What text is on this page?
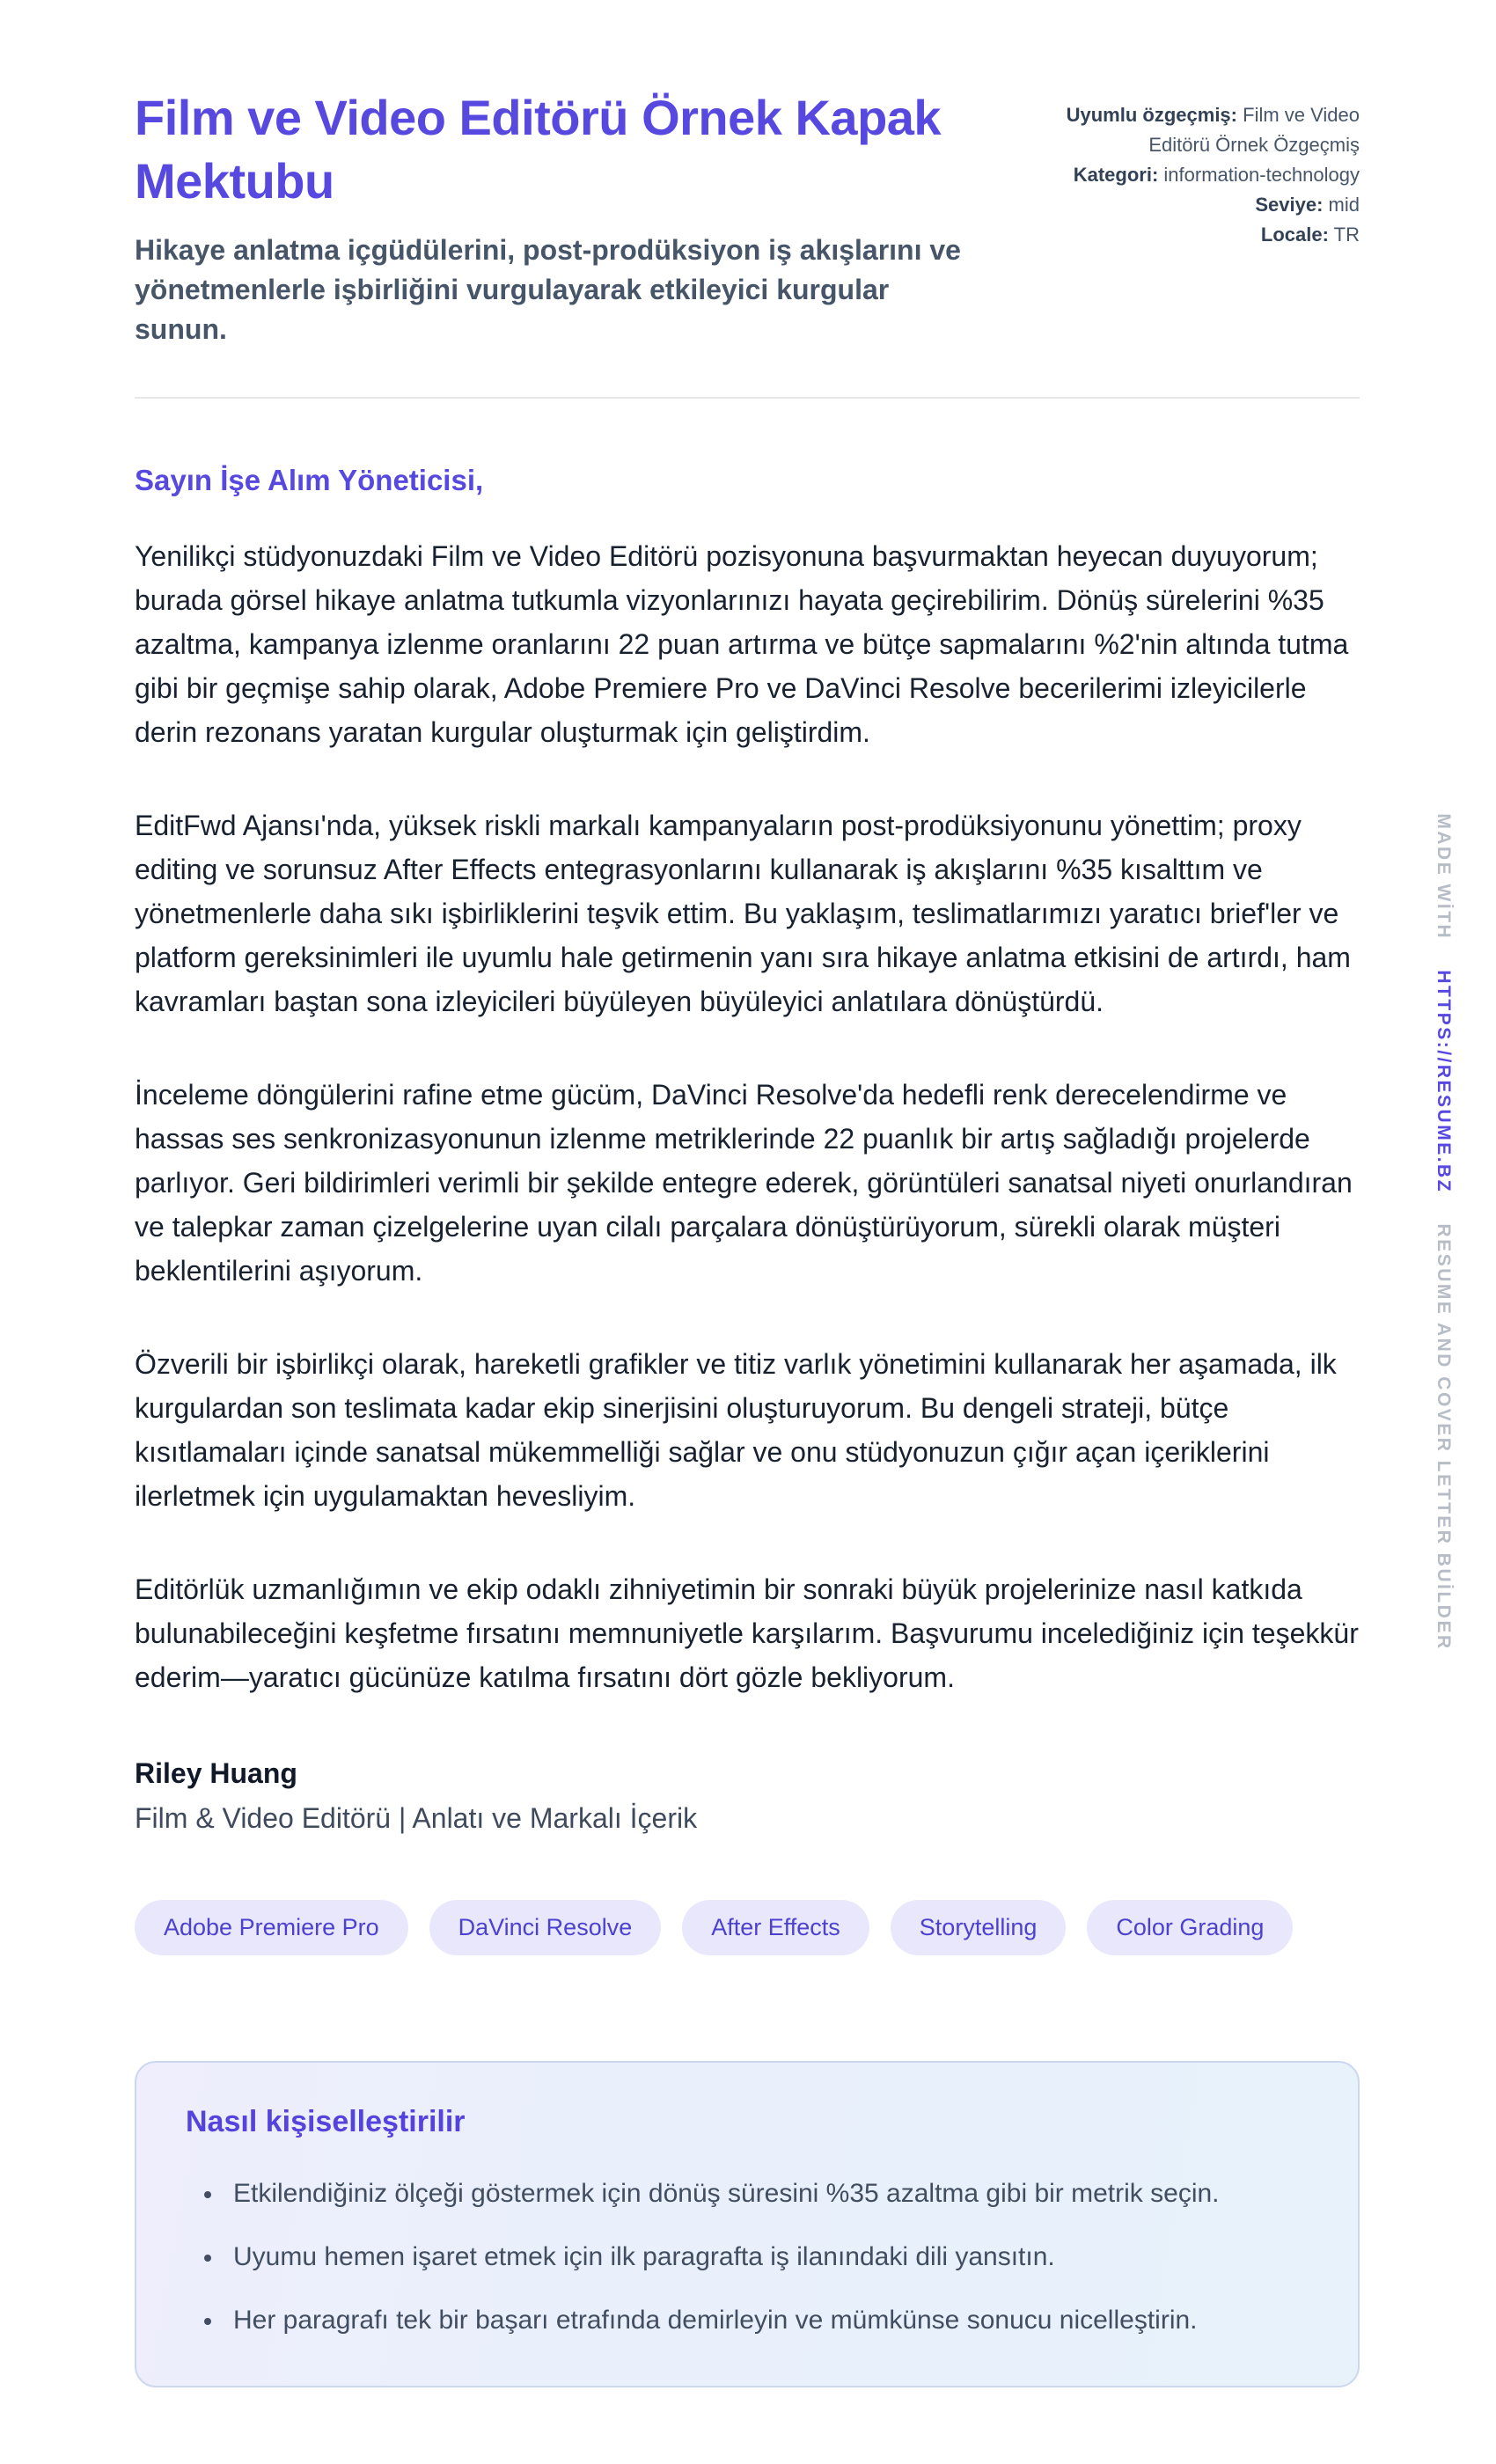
Film ve Video Editörü Örnek Kapak Mektubu

Hikaye anlatma içgüdülerini, post-prodüksiyon iş akışlarını ve yönetmenlerle işbirliğini vurgulayarak etkileyici kurgular sunun.

Uyumlu özgeçmiş: Film ve Video Editörü Örnek Özgeçmiş
Kategori: information-technology
Seviye: mid
Locale: TR

Sayın İşe Alım Yöneticisi,

Yenilikçi stüdyonuzdaki Film ve Video Editörü pozisyonuna başvurmaktan heyecan duyuyorum; burada görsel hikaye anlatma tutkumla vizyonlarınızı hayata geçirebilirim. Dönüş sürelerini %35 azaltma, kampanya izlenme oranlarını 22 puan artırma ve bütçe sapmalarını %2'nin altında tutma gibi bir geçmişe sahip olarak, Adobe Premiere Pro ve DaVinci Resolve becerilerimi izleyicilerle derin rezonans yaratan kurgular oluşturmak için geliştirdim.

EditFwd Ajansı'nda, yüksek riskli markalı kampanyaların post-prodüksiyonunu yönettim; proxy editing ve sorunsuz After Effects entegrasyonlarını kullanarak iş akışlarını %35 kısalttım ve yönetmenlerle daha sıkı işbirliklerini teşvik ettim. Bu yaklaşım, teslimatlarımızı yaratıcı brief'ler ve platform gereksinimleri ile uyumlu hale getirmenin yanı sıra hikaye anlatma etkisini de artırdı, ham kavramları baştan sona izleyicileri büyüleyen büyüleyici anlatılara dönüştürdü.

İnceleme döngülerini rafine etme gücüm, DaVinci Resolve'da hedefli renk derecelendirme ve hassas ses senkronizasyonunun izlenme metriklerinde 22 puanlık bir artış sağladığı projelerde parlıyor. Geri bildirimleri verimli bir şekilde entegre ederek, görüntüleri sanatsal niyeti onurlandıran ve talepkar zaman çizelgelerine uyan cilalı parçalara dönüştürüyorum, sürekli olarak müşteri beklentilerini aşıyorum.

Özverili bir işbirlikçi olarak, hareketli grafikler ve titiz varlık yönetimini kullanarak her aşamada, ilk kurgulardan son teslimata kadar ekip sinerjisini oluşturuyorum. Bu dengeli strateji, bütçe kısıtlamaları içinde sanatsal mükemmelliği sağlar ve onu stüdyonuzun çığır açan içeriklerini ilerletmek için uygulamaktan hevesliyim.

Editörlük uzmanlığımın ve ekip odaklı zihniyetimin bir sonraki büyük projelerinize nasıl katkıda bulunabileceğini keşfetme fırsatını memnuniyetle karşılarım. Başvurumu incelediğiniz için teşekkür ederim—yaratıcı gücünüze katılma fırsatını dört gözle bekliyorum.

Riley Huang

Film & Video Editörü | Anlatı ve Markalı İçerik

Adobe Premiere Pro	DaVinci Resolve	After Effects	Storytelling	Color Grading
Nasıl kişiselleştirilir
• Etkilendiğiniz ölçeği göstermek için dönüş süresini %35 azaltma gibi bir metrik seçin.
• Uyumu hemen işaret etmek için ilk paragrafta iş ilanındaki dili yansıtın.
• Her paragrafı tek bir başarı etrafında demirleyin ve mümkünse sonucu nicelleştirin.
MADE WİTH HTTPS://RESUME.BZ RESUME AND COVER LETTER BUİLDER
